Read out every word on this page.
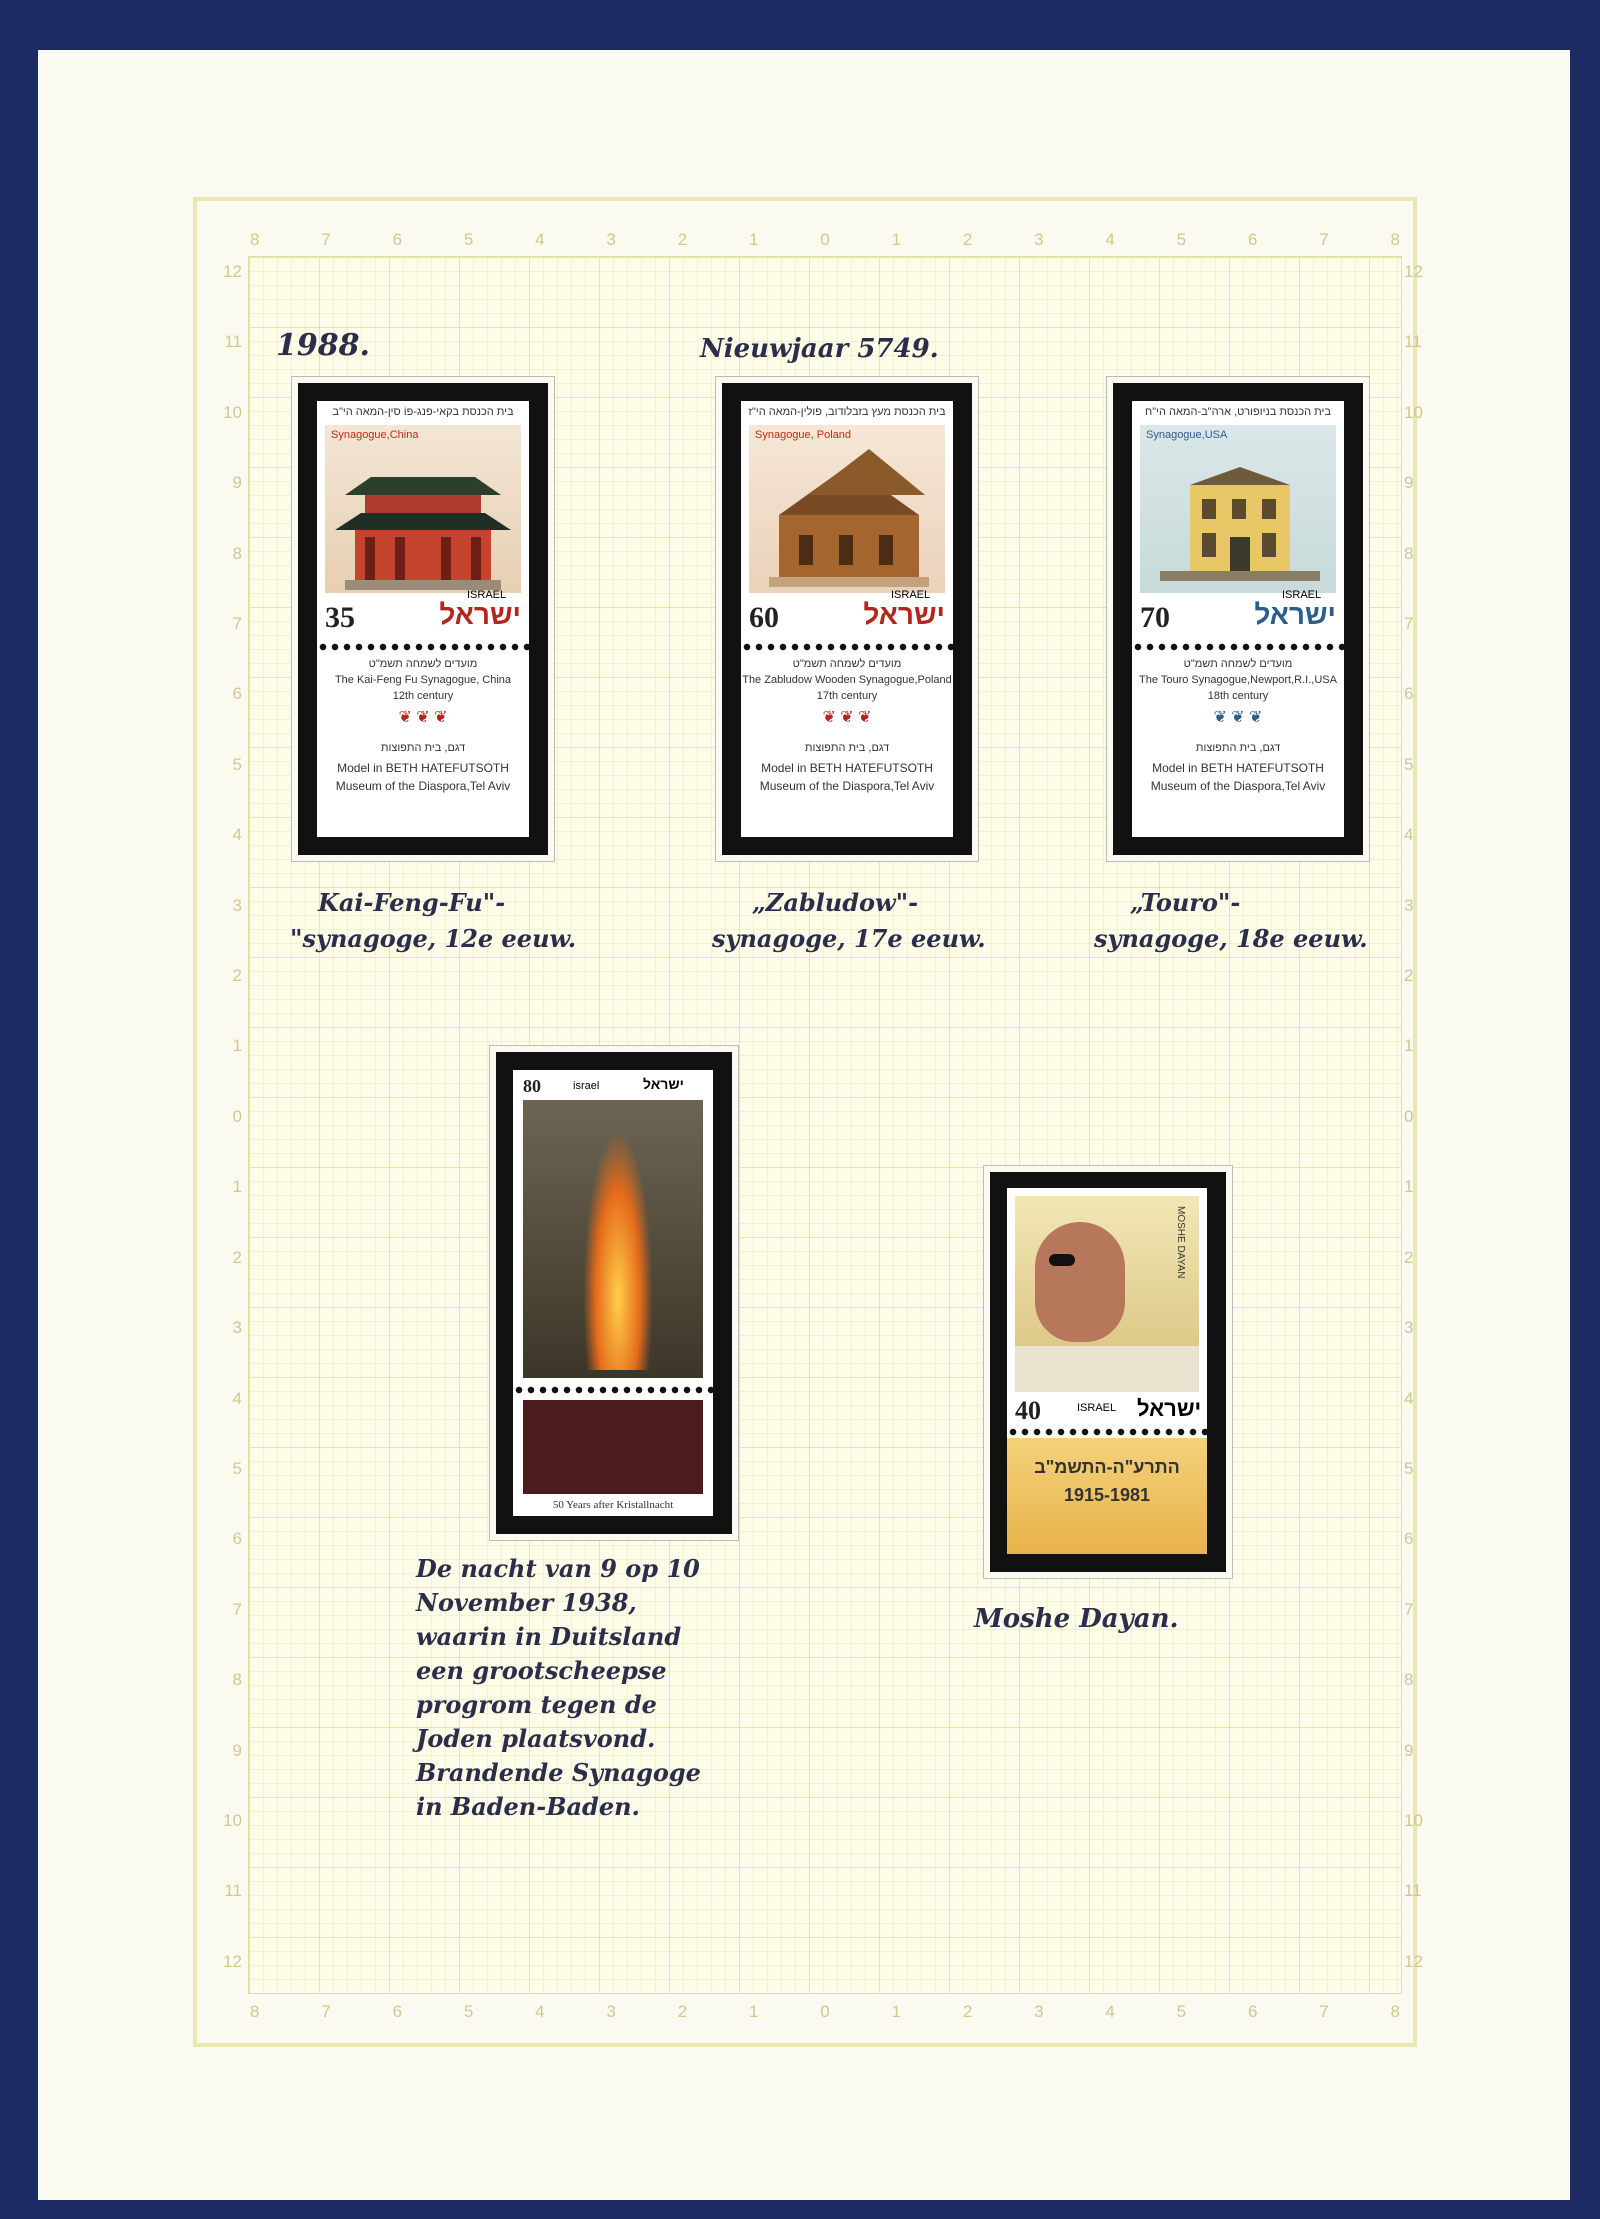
8	7	6	5	4	3	2	1	0	1	2	3	4	5	6	7	8
8	7	6	5	4	3	2	1	0	1	2	3	4	5	6	7	8
12
11
10
9
8
7
6
5
4
3
2
1
0
1
2
3
4
5
6
7
8
9
10
11
12
12
11
10
9
8
7
6
5
4
3
2
1
0
1
2
3
4
5
6
7
8
9
10
11
12
1988.	Nieuwjaar 5749.
בית הכנסת בקאי-פנג-פוֹ סין-המאה הי"ב
Synagogue,China
35	ישראל
ISRAEL
מועדים לשמחה תשמ"ט
The Kai-Feng Fu Synagogue, China
12th century
❦ ❦ ❦
דגם, בית התפוצות
Model in BETH HATEFUTSOTH
Museum of the Diaspora,Tel Aviv
בית הכנסת מעץ בזבלודוב, פולין-המאה הי"ז
Synagogue, Poland
60	ישראל
ISRAEL
מועדים לשמחה תשמ"ט
The Zabludow Wooden Synagogue,Poland
17th century
❦ ❦ ❦
דגם, בית התפוצות
Model in BETH HATEFUTSOTH
Museum of the Diaspora,Tel Aviv
בית הכנסת בניופורט, ארה"ב-המאה הי"ח
Synagogue,USA
70	ישראל
ISRAEL
מועדים לשמחה תשמ"ט
The Touro Synagogue,Newport,R.I.,USA
18th century
❦ ❦ ❦
דגם, בית התפוצות
Model in BETH HATEFUTSOTH
Museum of the Diaspora,Tel Aviv
Kai-Feng-Fu"-
"synagoge, 12e eeuw.
„Zabludow"-
synagoge, 17e eeuw.
„Touro"-
synagoge, 18e eeuw.
80	israel	ישראל
50 Years after Kristallnacht
De nacht van 9 op 10
November 1938,
waarin in Duitsland
een grootscheepse
progrom tegen de
Joden plaatsvond.
Brandende Synagoge
in Baden-Baden.
MOSHE DAYAN
40	ISRAEL ישראל
התרע"ה-התשמ"ב
1915-1981
Moshe Dayan.
